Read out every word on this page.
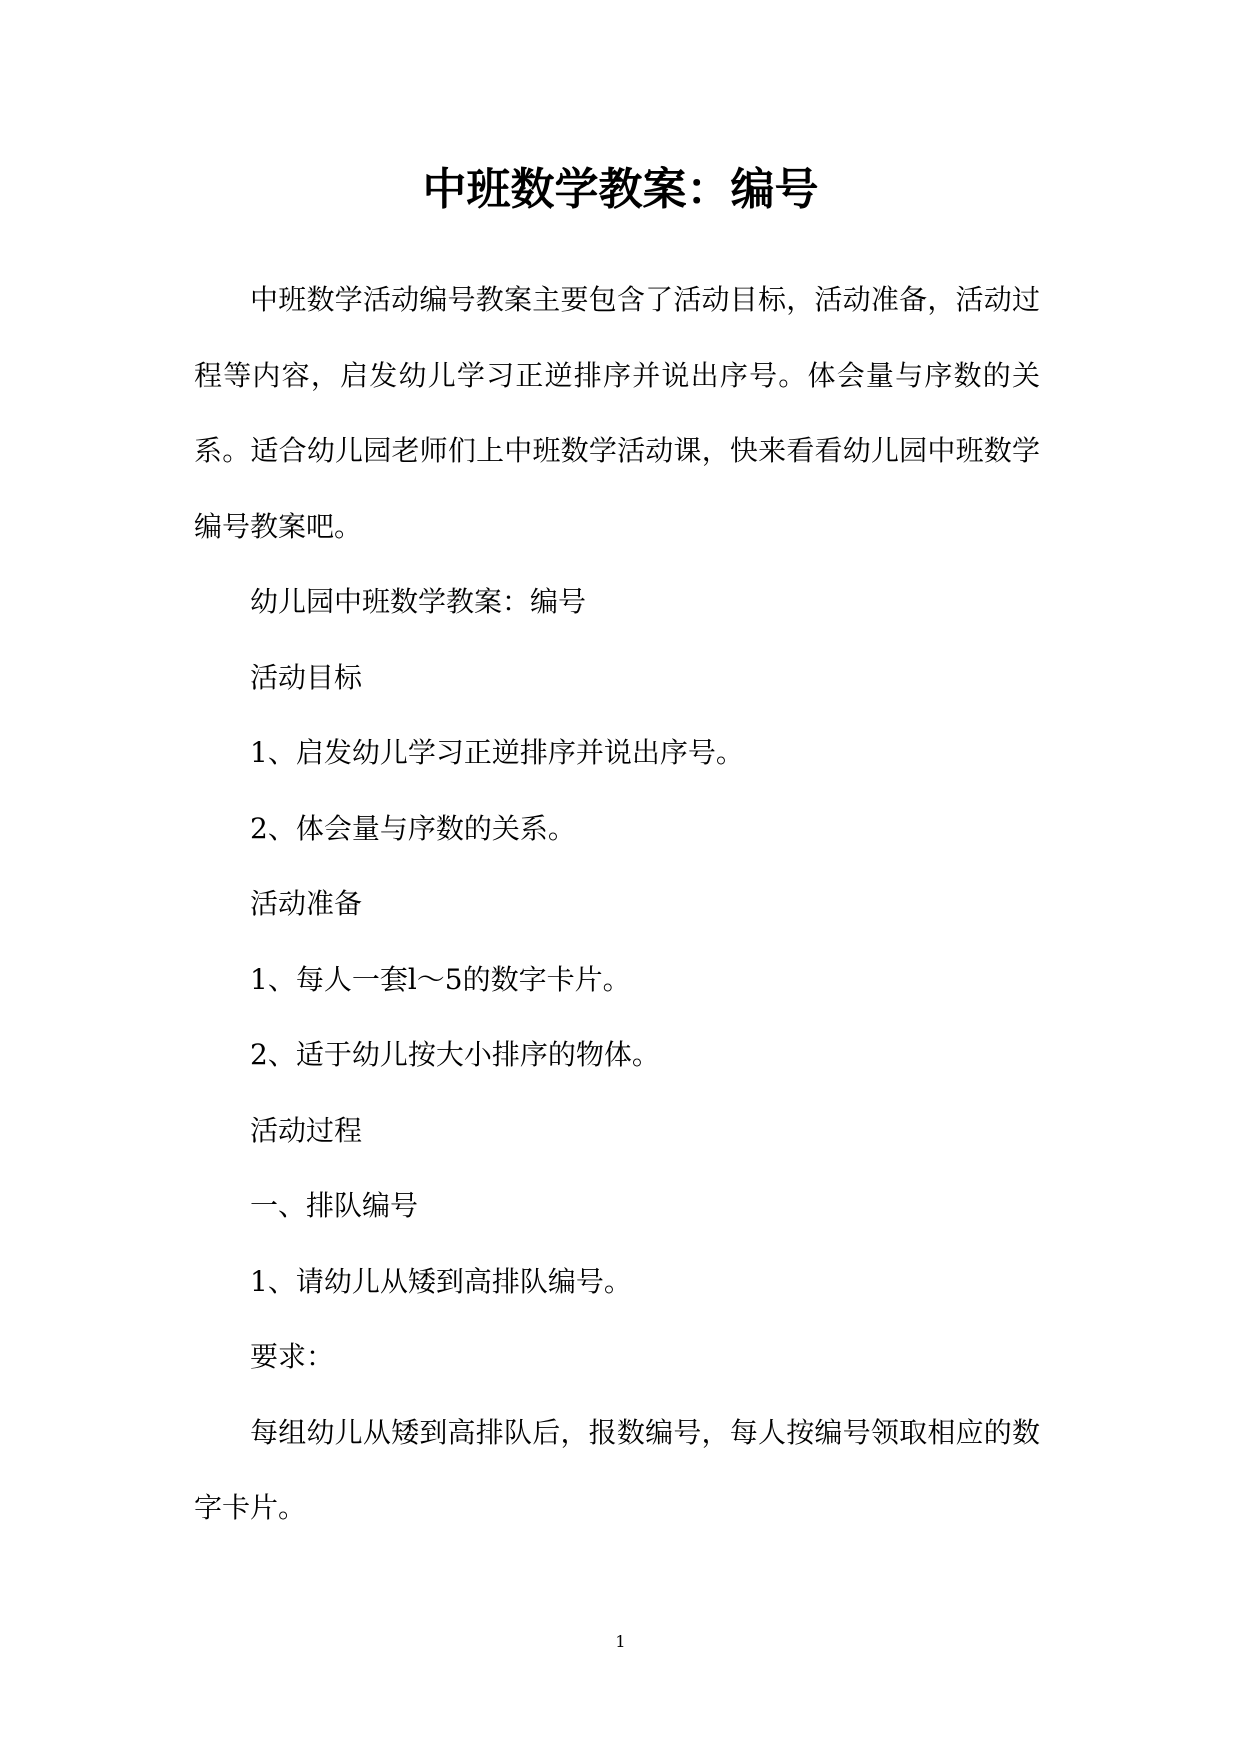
中班数学教案：编号

中班数学活动编号教案主要包含了活动目标，活动准备，活动过程等内容，启发幼儿学习正逆排序并说出序号。体会量与序数的关系。适合幼儿园老师们上中班数学活动课，快来看看幼儿园中班数学编号教案吧。

幼儿园中班数学教案：编号

活动目标

1、启发幼儿学习正逆排序并说出序号。

2、体会量与序数的关系。

活动准备

1、每人一套l～5的数字卡片。

2、适于幼儿按大小排序的物体。

活动过程

一、排队编号

1、请幼儿从矮到高排队编号。

要求：

每组幼儿从矮到高排队后，报数编号，每人按编号领取相应的数字卡片。

1
